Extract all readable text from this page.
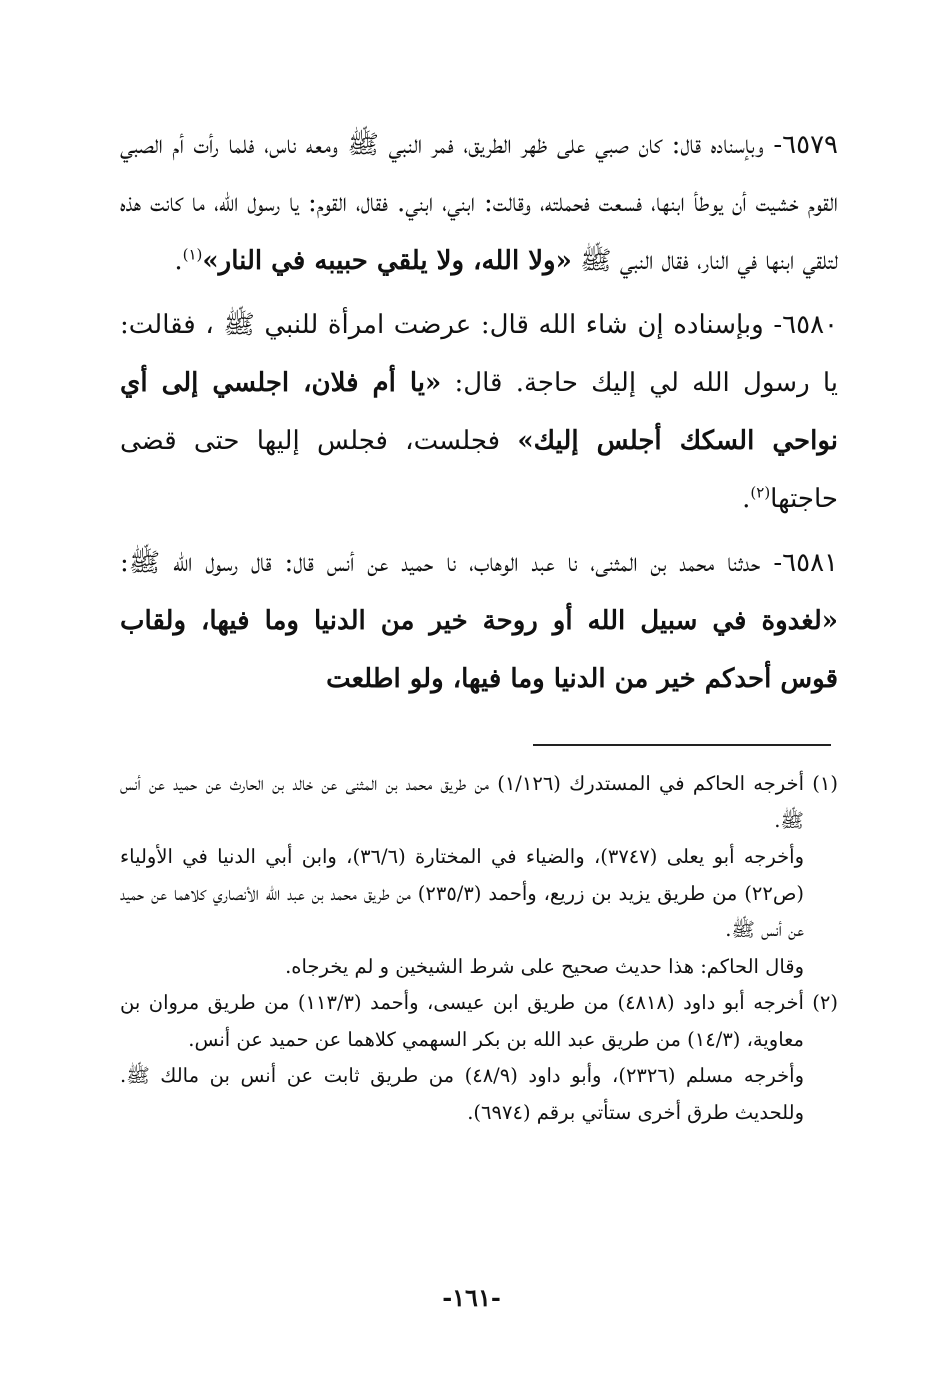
٦٥٧٩- وبإسناده قال: كان صبي على ظهر الطريق، فمر النبي ﷺ ومعه ناس، فلما رأت أم الصبي القوم خشيت أن يوطأ ابنها، فسعت فحملته، وقالت: ابني، ابني. فقال، القوم: يا رسول الله، ما كانت هذه لتلقي ابنها في النار، فقال النبي ﷺ «ولا الله، ولا يلقي حبيبه في النار»$^{(١)}$.

٦٥٨٠- وبإسناده إن شاء الله قال: عرضت امرأة للنبي ﷺ ، فقالت: يا رسول الله لي إليك حاجة. قال: «يا أم فلان، اجلسي إلى أي نواحي السكك أجلس إليك» فجلست، فجلس إليها حتى قضى حاجتها$^{(٢)}$.

٦٥٨١- حدثنا محمد بن المثنى، نا عبد الوهاب، نا حميد عن أنس قال: قال رسول الله ﷺ: «لغدوة في سبيل الله أو روحة خير من الدنيا وما فيها، ولقاب قوس أحدكم خير من الدنيا وما فيها، ولو اطلعت

(١)

أخرجه الحاكم في المستدرك (١/١٢٦) من طريق محمد بن المثنى عن خالد بن الحارث عن حميد عن أنس ﷺ.

وأخرجه أبو يعلى (٣٧٤٧)، والضياء في المختارة (٣٦/٦)، وابن أبي الدنيا في الأولياء (ص٢٢) من طريق يزيد بن زريع، وأحمد (٢٣٥/٣) من طريق محمد بن عبد الله الأنصاري كلاهما عن حميد عن أنس ﷺ.

وقال الحاكم: هذا حديث صحيح على شرط الشيخين و لم يخرجاه.

(٢)

أخرجه أبو داود (٤٨١٨) من طريق ابن عيسى، وأحمد (١١٣/٣) من طريق مروان بن معاوية، (١٤/٣) من طريق عبد الله بن بكر السهمي كلاهما عن حميد عن أنس.

وأخرجه مسلم (٢٣٢٦)، وأبو داود (٤٨/٩) من طريق ثابت عن أنس بن مالك ﷺ. وللحديث طرق أخرى ستأتي برقم (٦٩٧٤).

-١٦١-
